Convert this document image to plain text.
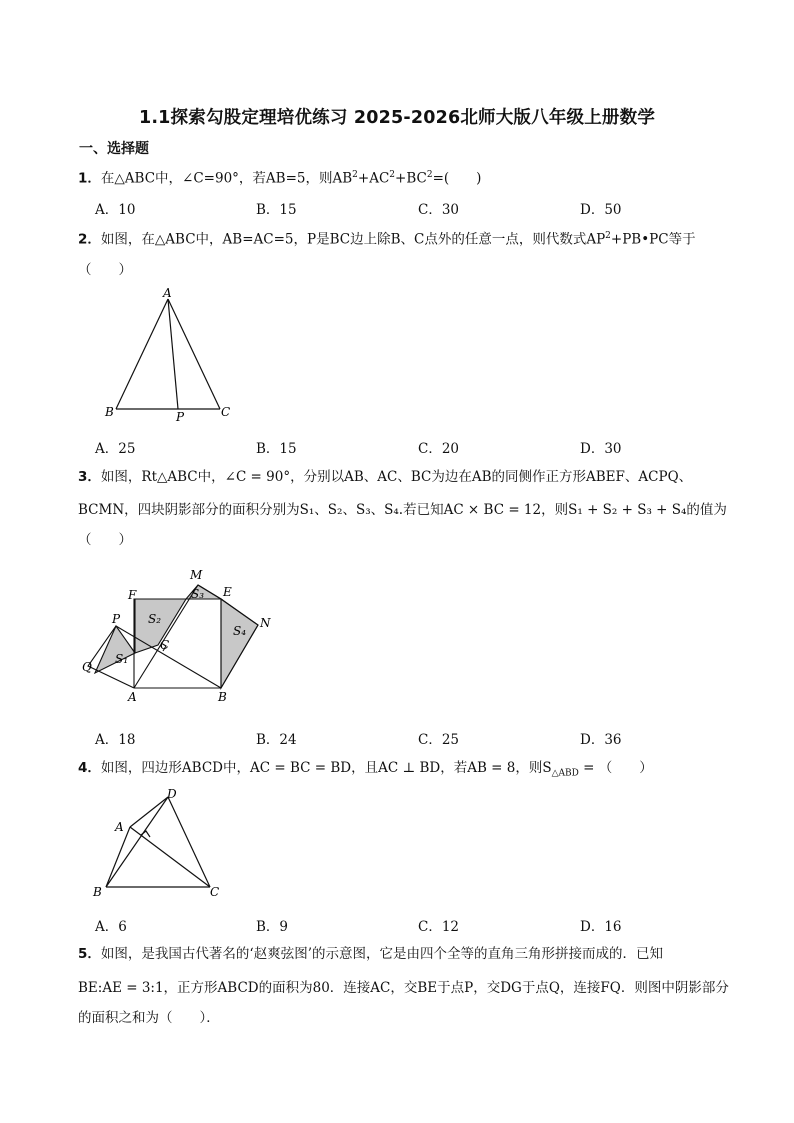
1.1探索勾股定理培优练习 2025-2026北师大版八年级上册数学
一、选择题
1．在△ABC中，∠C=90°，若AB=5，则$AB^2+AC^2+BC^2=$(　　)
A．10	B．15	C．30	D．50
2．如图，在△ABC中，AB=AC=5，P是BC边上除B、C点外的任意一点，则代数式$AP^2+PB•PC$等于
（　　）
A
B	P	C
A．25	B．15	C．20	D．30
3．如图，Rt△ABC中，∠C = 90°，分别以AB、AC、BC为边在AB的同侧作正方形ABEF、ACPQ、
BCMN，四块阴影部分的面积分别为S₁、S₂、S₃、S₄.若已知AC × BC = 12，则S₁ + S₂ + S₃ + S₄的值为
（　　）
M
F	S₃ E
P S₂
S₄
N
C
Q
S₁
A	B
A．18	B．24	C．25	D．36
4．如图，四边形ABCD中，AC = BC = BD，且AC ⊥ BD，若AB = 8，则$S_{\triangle ABD}$ = （　　）
D
A
B	C
A．6	B．9	C．12	D．16
5．如图，是我国古代著名的‘赵爽弦图’的示意图，它是由四个全等的直角三角形拼接而成的．已知
BE:AE = 3:1，正方形ABCD的面积为80．连接AC，交BE于点P，交DG于点Q，连接FQ．则图中阴影部分
的面积之和为（　　）．
